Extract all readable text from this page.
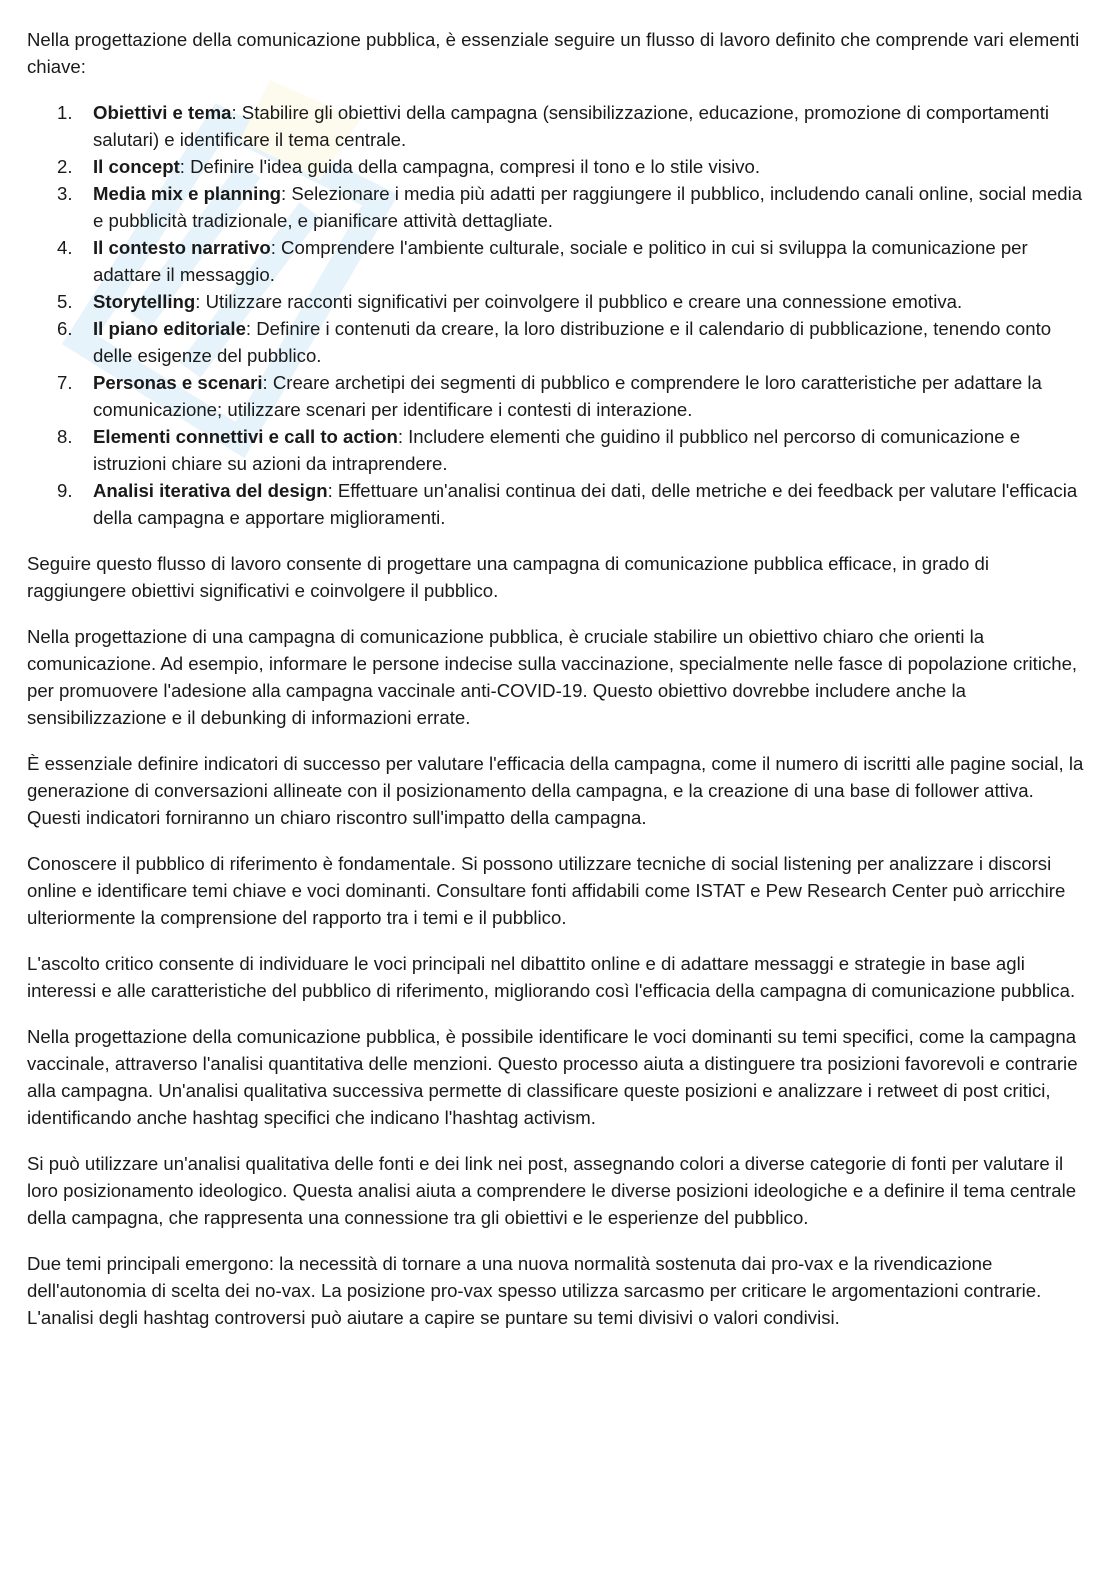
Nella progettazione della comunicazione pubblica, è essenziale seguire un flusso di lavoro definito che comprende vari elementi chiave:

1.	Obiettivi e tema: Stabilire gli obiettivi della campagna (sensibilizzazione, educazione, promozione di comportamenti salutari) e identificare il tema centrale.
2.	Il concept: Definire l'idea guida della campagna, compresi il tono e lo stile visivo.
3.	Media mix e planning: Selezionare i media più adatti per raggiungere il pubblico, includendo canali online, social media e pubblicità tradizionale, e pianificare attività dettagliate.
4.	Il contesto narrativo: Comprendere l'ambiente culturale, sociale e politico in cui si sviluppa la comunicazione per adattare il messaggio.
5.	Storytelling: Utilizzare racconti significativi per coinvolgere il pubblico e creare una connessione emotiva.
6.	Il piano editoriale: Definire i contenuti da creare, la loro distribuzione e il calendario di pubblicazione, tenendo conto delle esigenze del pubblico.
7.	Personas e scenari: Creare archetipi dei segmenti di pubblico e comprendere le loro caratteristiche per adattare la comunicazione; utilizzare scenari per identificare i contesti di interazione.
8.	Elementi connettivi e call to action: Includere elementi che guidino il pubblico nel percorso di comunicazione e istruzioni chiare su azioni da intraprendere.
9.	Analisi iterativa del design: Effettuare un'analisi continua dei dati, delle metriche e dei feedback per valutare l'efficacia della campagna e apportare miglioramenti.

Seguire questo flusso di lavoro consente di progettare una campagna di comunicazione pubblica efficace, in grado di raggiungere obiettivi significativi e coinvolgere il pubblico.

Nella progettazione di una campagna di comunicazione pubblica, è cruciale stabilire un obiettivo chiaro che orienti la comunicazione. Ad esempio, informare le persone indecise sulla vaccinazione, specialmente nelle fasce di popolazione critiche, per promuovere l'adesione alla campagna vaccinale anti-COVID-19. Questo obiettivo dovrebbe includere anche la sensibilizzazione e il debunking di informazioni errate.

È essenziale definire indicatori di successo per valutare l'efficacia della campagna, come il numero di iscritti alle pagine social, la generazione di conversazioni allineate con il posizionamento della campagna, e la creazione di una base di follower attiva. Questi indicatori forniranno un chiaro riscontro sull'impatto della campagna.

Conoscere il pubblico di riferimento è fondamentale. Si possono utilizzare tecniche di social listening per analizzare i discorsi online e identificare temi chiave e voci dominanti. Consultare fonti affidabili come ISTAT e Pew Research Center può arricchire ulteriormente la comprensione del rapporto tra i temi e il pubblico.

L'ascolto critico consente di individuare le voci principali nel dibattito online e di adattare messaggi e strategie in base agli interessi e alle caratteristiche del pubblico di riferimento, migliorando così l'efficacia della campagna di comunicazione pubblica.

Nella progettazione della comunicazione pubblica, è possibile identificare le voci dominanti su temi specifici, come la campagna vaccinale, attraverso l'analisi quantitativa delle menzioni. Questo processo aiuta a distinguere tra posizioni favorevoli e contrarie alla campagna. Un'analisi qualitativa successiva permette di classificare queste posizioni e analizzare i retweet di post critici, identificando anche hashtag specifici che indicano l'hashtag activism.

Si può utilizzare un'analisi qualitativa delle fonti e dei link nei post, assegnando colori a diverse categorie di fonti per valutare il loro posizionamento ideologico. Questa analisi aiuta a comprendere le diverse posizioni ideologiche e a definire il tema centrale della campagna, che rappresenta una connessione tra gli obiettivi e le esperienze del pubblico.

Due temi principali emergono: la necessità di tornare a una nuova normalità sostenuta dai pro-vax e la rivendicazione dell'autonomia di scelta dei no-vax. La posizione pro-vax spesso utilizza sarcasmo per criticare le argomentazioni contrarie. L'analisi degli hashtag controversi può aiutare a capire se puntare su temi divisivi o valori condivisi.
